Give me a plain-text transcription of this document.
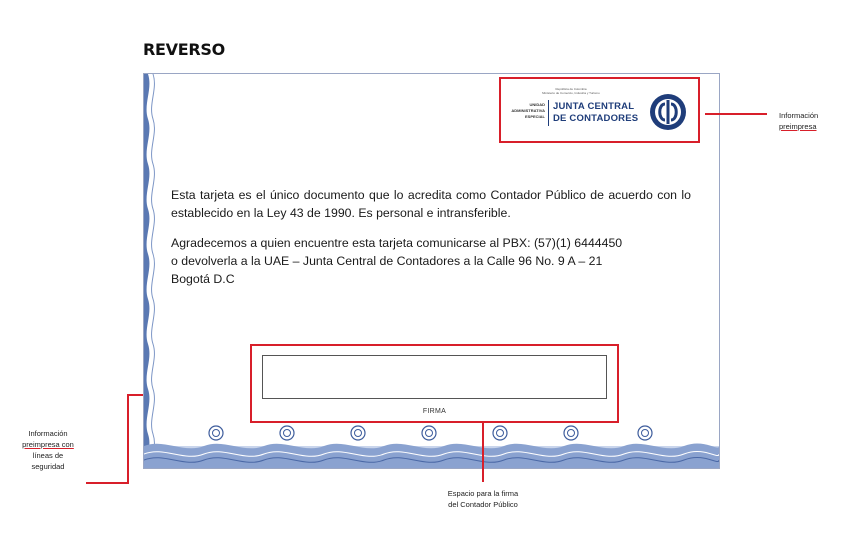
REVERSO
República de Colombia
Ministerio de Comercio, Industria y Turismo
UNIDAD
ADMINISTRATIVA
ESPECIAL
JUNTA CENTRAL
DE CONTADORES
Esta tarjeta es el único documento que lo acredita como Contador Público de acuerdo con lo establecido en la Ley 43 de 1990. Es personal e intransferible.
Agradecemos a quien encuentre esta tarjeta comunicarse al PBX: (57)(1) 6444450
o devolverla a la UAE – Junta Central de Contadores a la Calle 96 No. 9 A – 21
Bogotá D.C
FIRMA
Información
preimpresa
Información
preimpresa con
líneas de
seguridad
Espacio para la firma
del Contador Público
